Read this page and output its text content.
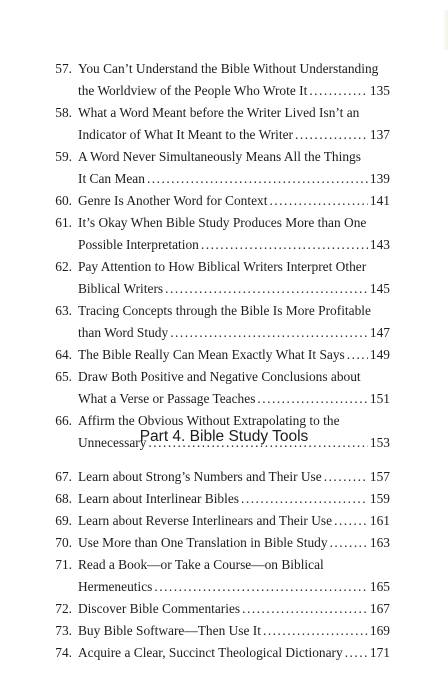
57. You Can’t Understand the Bible Without Understanding
the Worldview of the People Who Wrote It .....	135
58. What a Word Meant before the Writer Lived Isn’t an
Indicator of What It Meant to the Writer .....	137
59. A Word Never Simultaneously Means All the Things
It Can Mean .....	139
60. Genre Is Another Word for Context .....	141
61. It’s Okay When Bible Study Produces More than One
Possible Interpretation .....	143
62. Pay Attention to How Biblical Writers Interpret Other
Biblical Writers .....	145
63. Tracing Concepts through the Bible Is More Profitable
than Word Study .....	147
64. The Bible Really Can Mean Exactly What It Says ..... 149
65. Draw Both Positive and Negative Conclusions about
What a Verse or Passage Teaches .....	151
66. Affirm the Obvious Without Extrapolating to the
Unnecessary .....	153
Part 4. Bible Study Tools
67. Learn about Strong’s Numbers and Their Use .....	157
68. Learn about Interlinear Bibles .....	159
69. Learn about Reverse Interlinears and Their Use .....	161
70. Use More than One Translation in Bible Study .....	163
71. Read a Book—or Take a Course—on Biblical
Hermeneutics .....	165
72. Discover Bible Commentaries .....	167
73. Buy Bible Software—Then Use It .....	169
74. Acquire a Clear, Succinct Theological Dictionary ..... 171
